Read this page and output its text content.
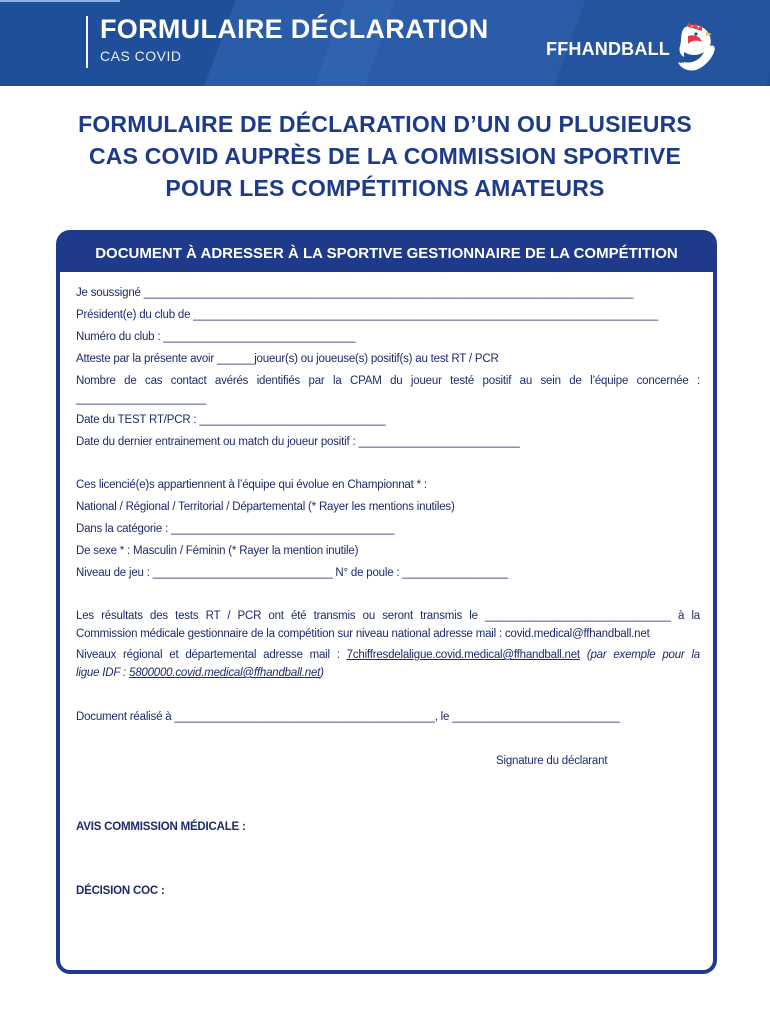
FORMULAIRE DÉCLARATION
CAS COVID	FFHANDBALL
FORMULAIRE DE DÉCLARATION D’UN OU PLUSIEURS
CAS COVID AUPRÈS DE LA COMMISSION SPORTIVE
POUR LES COMPÉTITIONS AMATEURS
DOCUMENT À ADRESSER À LA SPORTIVE GESTIONNAIRE DE LA COMPÉTITION
Je soussigné _______________________________________________________________________________
Président(e) du club de ___________________________________________________________________________
Numéro du club : _______________________________
Atteste par la présente avoir ______joueur(s) ou joueuse(s) positif(s) au test RT / PCR
Nombre de cas contact avérés identifiés par la CPAM du joueur testé positif au sein de l’équipe concernée :
_____________________
Date du TEST RT/PCR : ______________________________
Date du dernier entrainement ou match du joueur positif : __________________________
Ces licencié(e)s appartiennent à l’équipe qui évolue en Championnat * :
National / Régional / Territorial / Départemental (* Rayer les mentions inutiles)
Dans la catégorie : ____________________________________
De sexe * : Masculin / Féminin (* Rayer la mention inutile)
Niveau de jeu : _____________________________ N° de poule : _________________
Les résultats des tests RT / PCR ont été transmis ou seront transmis le ______________________________ à la
Commission médicale gestionnaire de la compétition sur niveau national adresse mail : covid.medical@ffhandball.net
Niveaux régional et départemental adresse mail : 7chiffresdelaligue.covid.medical@ffhandball.net (par exemple pour la
ligue IDF : 5800000.covid.medical@ffhandball.net)
Document réalisé à __________________________________________, le ___________________________
Signature du déclarant
AVIS COMMISSION MÉDICALE :
DÉCISION COC :
